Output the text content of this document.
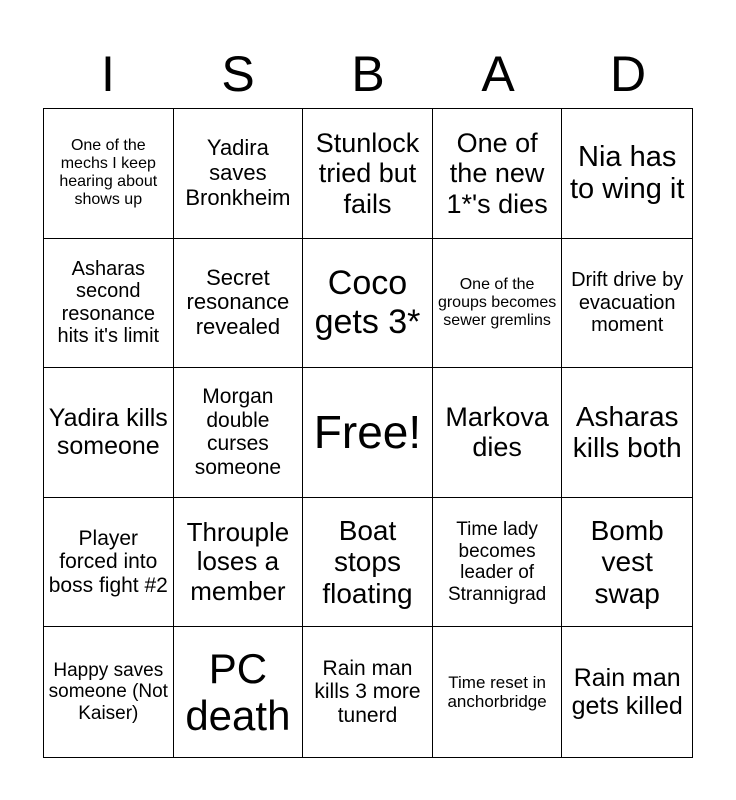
I	S	B	A	D
One of the mechs I keep hearing about shows up
Yadira saves Bronkheim
Stunlock tried but fails
One of the new 1*'s dies
Nia has to wing it
Asharas second resonance hits it's limit
Secret resonance revealed
Coco gets 3*
One of the groups becomes sewer gremlins
Drift drive by evacuation moment
Yadira kills someone
Morgan double curses someone
Free! Markova dies
Asharas kills both
Player forced into boss fight #2
Throuple loses a member
Boat stops floating
Time lady becomes leader of Strannigrad
Bomb vest swap
Happy saves someone (Not Kaiser)
PC death
Rain man kills 3 more tunerd
Time reset in anchorbridge
Rain man gets killed
